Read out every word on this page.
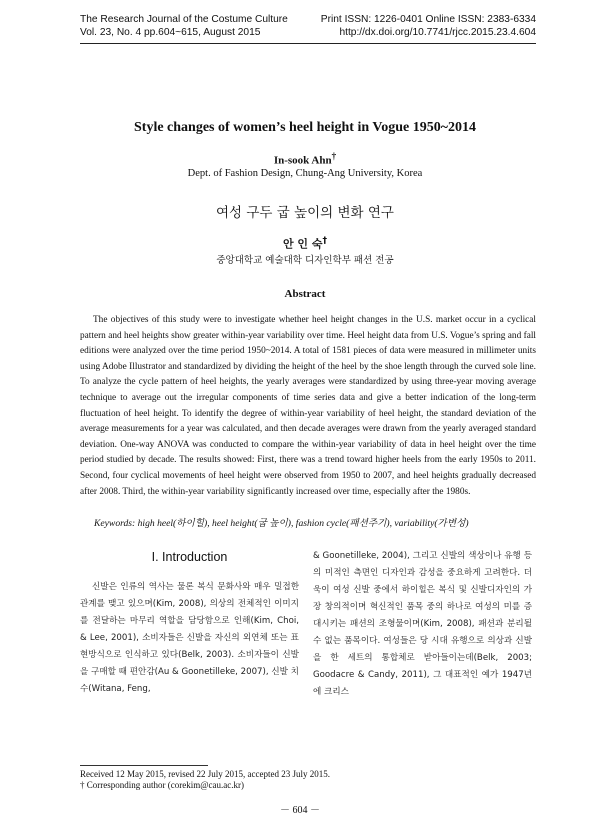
The Research Journal of the Costume Culture
Vol. 23, No. 4 pp.604~615, August 2015
Print ISSN: 1226-0401 Online ISSN: 2383-6334
http://dx.doi.org/10.7741/rjcc.2015.23.4.604
Style changes of women’s heel height in Vogue 1950~2014
In-sook Ahn†
Dept. of Fashion Design, Chung-Ang University, Korea
여성 구두 굽 높이의 변화 연구
안 인 숙†
중앙대학교 예술대학 디자인학부 패션 전공
Abstract

The objectives of this study were to investigate whether heel height changes in the U.S. market occur in a cyclical pattern and heel heights show greater within-year variability over time. Heel height data from U.S. Vogue’s spring and fall editions were analyzed over the time period 1950~2014. A total of 1581 pieces of data were measured in millimeter units using Adobe Illustrator and standardized by dividing the height of the heel by the shoe length through the curved sole line. To analyze the cycle pattern of heel heights, the yearly averages were standardized by using three-year moving average technique to average out the irregular components of time series data and give a better indication of the long-term fluctuation of heel height. To identify the degree of within-year variability of heel height, the standard deviation of the average measurements for a year was calculated, and then decade averages were drawn from the yearly averaged standard deviation. One-way ANOVA was conducted to compare the within-year variability of data in heel height over the time period studied by decade. The results showed: First, there was a trend toward higher heels from the early 1950s to 2011. Second, four cyclical movements of heel height were observed from 1950 to 2007, and heel heights gradually decreased after 2008. Third, the within-year variability significantly increased over time, especially after the 1980s.

Keywords: high heel(하이힐), heel height(굽 높이), fashion cycle(패션주기), variability(가변성)
I. Introduction

신발은 인류의 역사는 물론 복식 문화사와 매우 밀접한 관계를 맺고 있으며(Kim, 2008), 의상의 전체적인 이미지를 전달하는 마무리 역할을 담당함으로 인해(Kim, Choi, & Lee, 2001), 소비자들은 신발을 자신의 외연체 또는 표현방식으로 인식하고 있다(Belk, 2003). 소비자들이 신발을 구매할 때 편안감(Au & Goonetilleke, 2007), 신발 치수(Witana, Feng,

& Goonetilleke, 2004), 그리고 신발의 색상이나 유행 등의 미적인 측면인 디자인과 감성을 중요하게 고려한다. 더욱이 여성 신발 중에서 하이힐은 복식 및 신발디자인의 가장 창의적이며 혁신적인 품목 중의 하나로 여성의 미를 증대시키는 패션의 조형물이며(Kim, 2008), 패션과 분리될 수 없는 품목이다. 여성들은 당 시대 유행으로 의상과 신발을 한 세트의 통합체로 받아들이는데(Belk, 2003; Goodacre & Candy, 2011), 그 대표적인 예가 1947년에 크리스

Received 12 May 2015, revised 22 July 2015, accepted 23 July 2015.
† Corresponding author (corekim@cau.ac.kr)
－ 604 －
